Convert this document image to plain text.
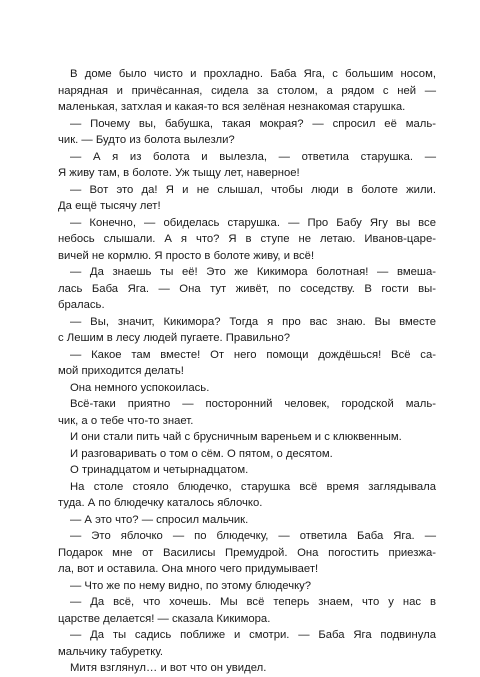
В доме было чисто и прохладно. Баба Яга, с большим носом,
нарядная и причёсанная, сидела за столом, а рядом с ней —
маленькая, затхлая и какая-то вся зелёная незнакомая старушка.
— Почему вы, бабушка, такая мокрая? — спросил её маль-
чик. — Будто из болота вылезли?
— А я из болота и вылезла, — ответила старушка. —
Я живу там, в болоте. Уж тыщу лет, наверное!
— Вот это да! Я и не слышал, чтобы люди в болоте жили.
Да ещё тысячу лет!
— Конечно, — обиделась старушка. — Про Бабу Ягу вы все
небось слышали. А я что? Я в ступе не летаю. Иванов-царе-
вичей не кормлю. Я просто в болоте живу, и всё!
— Да знаешь ты её! Это же Кикимора болотная! — вмеша-
лась Баба Яга. — Она тут живёт, по соседству. В гости вы-
бралась.
— Вы, значит, Кикимора? Тогда я про вас знаю. Вы вместе
с Лешим в лесу людей пугаете. Правильно?
— Какое там вместе! От него помощи дождёшься! Всё са-
мой приходится делать!
Она немного успокоилась.
Всё-таки приятно — посторонний человек, городской маль-
чик, а о тебе что-то знает.
И они стали пить чай с брусничным вареньем и с клюквенным.
И разговаривать о том о сём. О пятом, о десятом.
О тринадцатом и четырнадцатом.
На столе стояло блюдечко, старушка всё время заглядывала
туда. А по блюдечку каталось яблочко.
— А это что? — спросил мальчик.
— Это яблочко — по блюдечку, — ответила Баба Яга. —
Подарок мне от Василисы Премудрой. Она погостить приезжа-
ла, вот и оставила. Она много чего придумывает!
— Что же по нему видно, по этому блюдечку?
— Да всё, что хочешь. Мы всё теперь знаем, что у нас в
царстве делается! — сказала Кикимора.
— Да ты садись поближе и смотри. — Баба Яга подвинула
мальчику табуретку.
Митя взглянул… и вот что он увидел.
